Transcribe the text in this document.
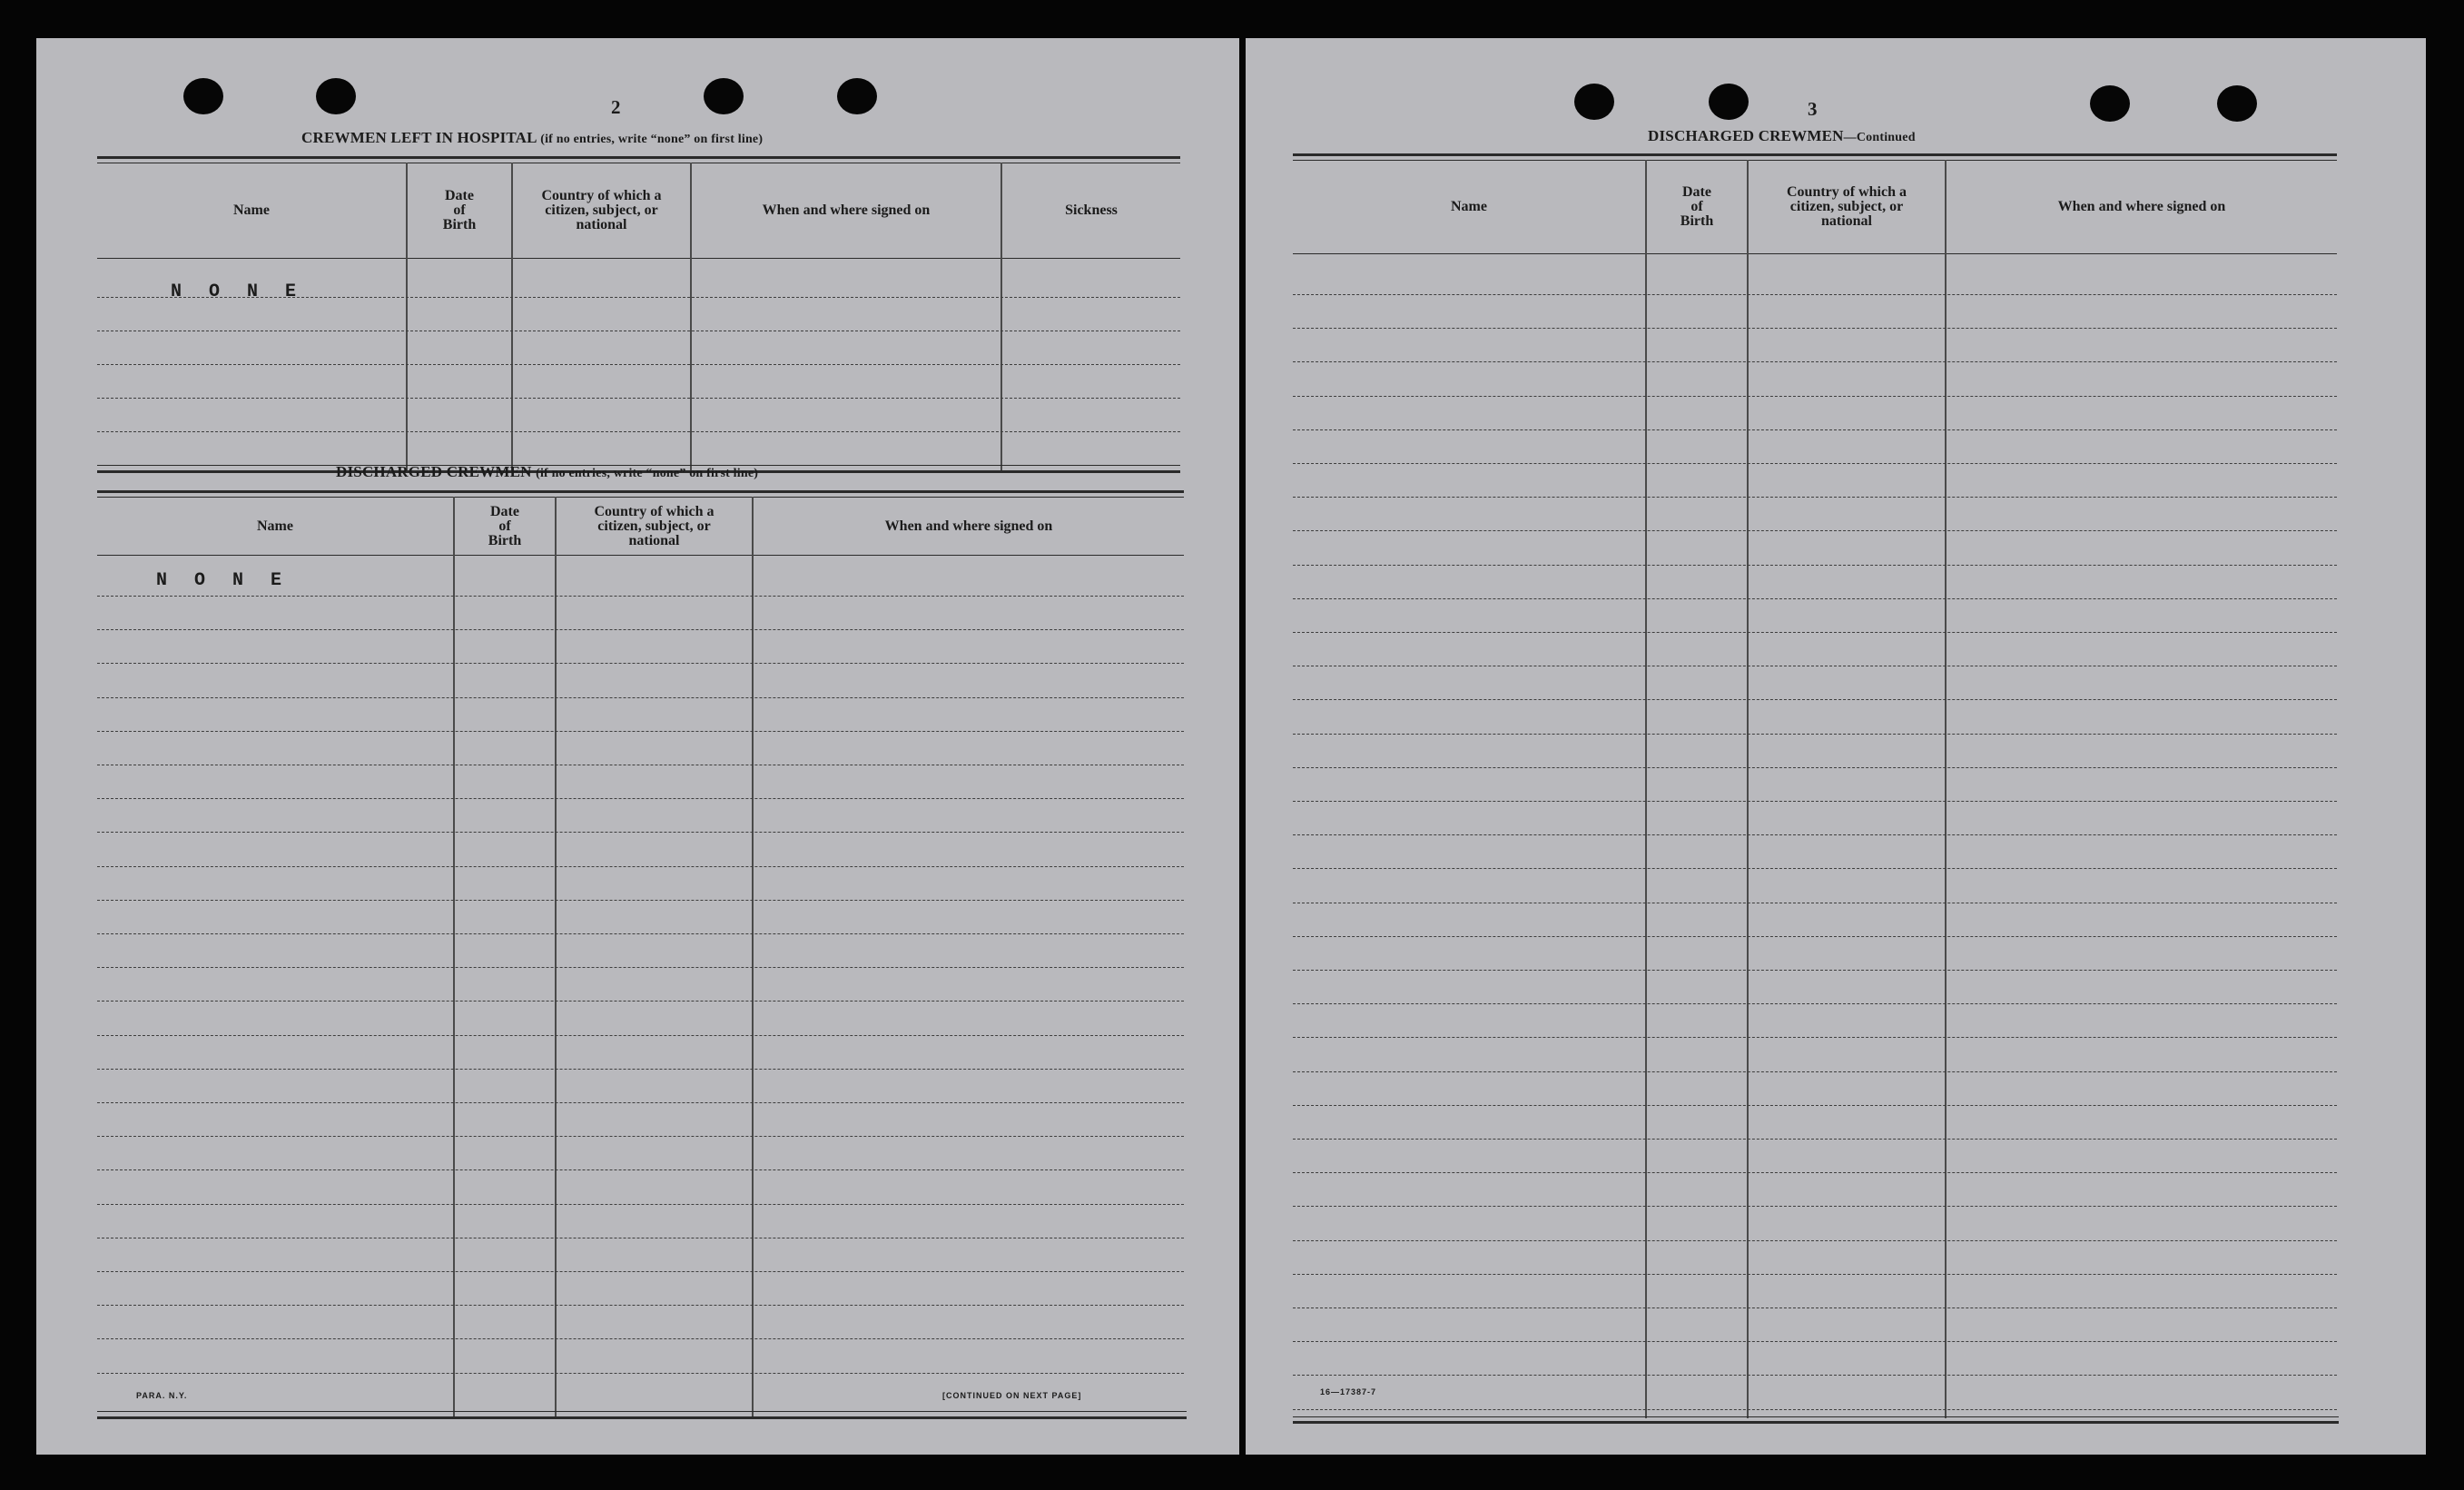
2
CREWMEN LEFT IN HOSPITAL (if no entries, write “none” on first line)
Name
Date
of
Birth
Country of which a
citizen, subject, or
national
When and where signed on	Sickness
N O N E
DISCHARGED CREWMEN (if no entries, write “none” on first line)
Name
Date
of
Birth
Country of which a
citizen, subject, or
national
When and where signed on
N O N E
PARA. N.Y.	[CONTINUED ON NEXT PAGE]
3
DISCHARGED CREWMEN—Continued
Name
Date
of
Birth
Country of which a
citizen, subject, or
national
When and where signed on
16—17387-7
